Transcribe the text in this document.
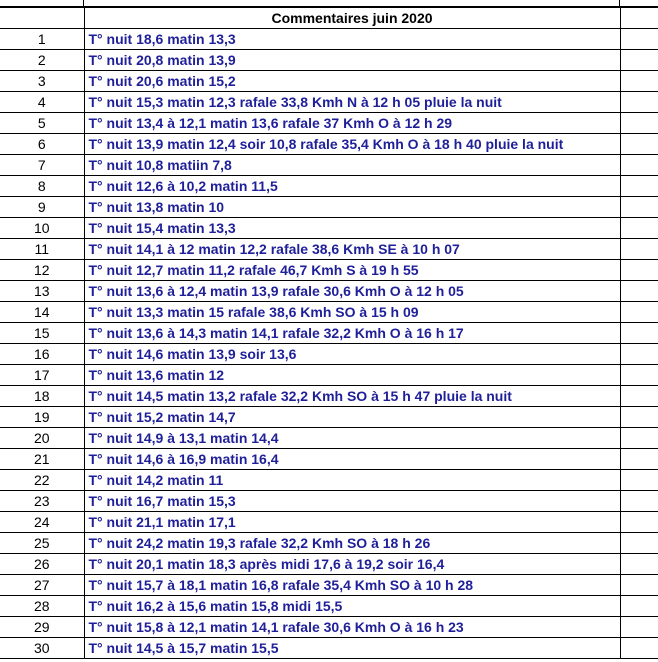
	Commentaires juin 2020	
1	T° nuit 18,6 matin 13,3	
2	T° nuit 20,8 matin 13,9	
3	T° nuit 20,6 matin 15,2	
4	T° nuit 15,3 matin 12,3 rafale 33,8 Kmh N à 12 h 05 pluie la nuit	
5	T° nuit 13,4 à 12,1 matin 13,6 rafale 37 Kmh O à 12 h 29	
6	T° nuit 13,9 matin 12,4 soir 10,8 rafale 35,4 Kmh O à 18 h 40 pluie la nuit	
7	T° nuit 10,8 matiin 7,8	
8	T° nuit 12,6 à 10,2 matin 11,5	
9	T° nuit 13,8 matin 10	
10	T° nuit 15,4 matin 13,3	
11	T° nuit 14,1 à 12 matin 12,2 rafale 38,6 Kmh SE à 10 h 07	
12	T° nuit 12,7 matin 11,2 rafale 46,7 Kmh S à 19 h 55	
13	T° nuit 13,6 à 12,4 matin 13,9 rafale 30,6 Kmh O à 12 h 05	
14	T° nuit 13,3 matin 15 rafale 38,6 Kmh SO à 15 h 09	
15	T° nuit 13,6 à 14,3 matin 14,1 rafale 32,2 Kmh O à 16 h 17	
16	T° nuit 14,6 matin 13,9 soir 13,6	
17	T° nuit 13,6 matin 12	
18	T° nuit 14,5 matin 13,2 rafale 32,2 Kmh SO à 15 h 47 pluie la nuit	
19	T° nuit 15,2 matin 14,7	
20	T° nuit 14,9 à 13,1 matin 14,4	
21	T° nuit 14,6 à 16,9 matin 16,4	
22	T° nuit 14,2 matin 11	
23	T° nuit 16,7 matin 15,3	
24	T° nuit 21,1 matin 17,1	
25	T° nuit 24,2 matin 19,3 rafale 32,2 Kmh SO à 18 h 26	
26	T° nuit 20,1 matin 18,3 après midi 17,6 à 19,2 soir 16,4	
27	T° nuit 15,7 à 18,1 matin 16,8 rafale 35,4 Kmh SO à 10 h 28	
28	T° nuit 16,2 à 15,6 matin 15,8 midi 15,5	
29	T° nuit 15,8 à 12,1 matin 14,1 rafale 30,6 Kmh O à 16 h 23	
30	T° nuit 14,5 à 15,7 matin 15,5	
